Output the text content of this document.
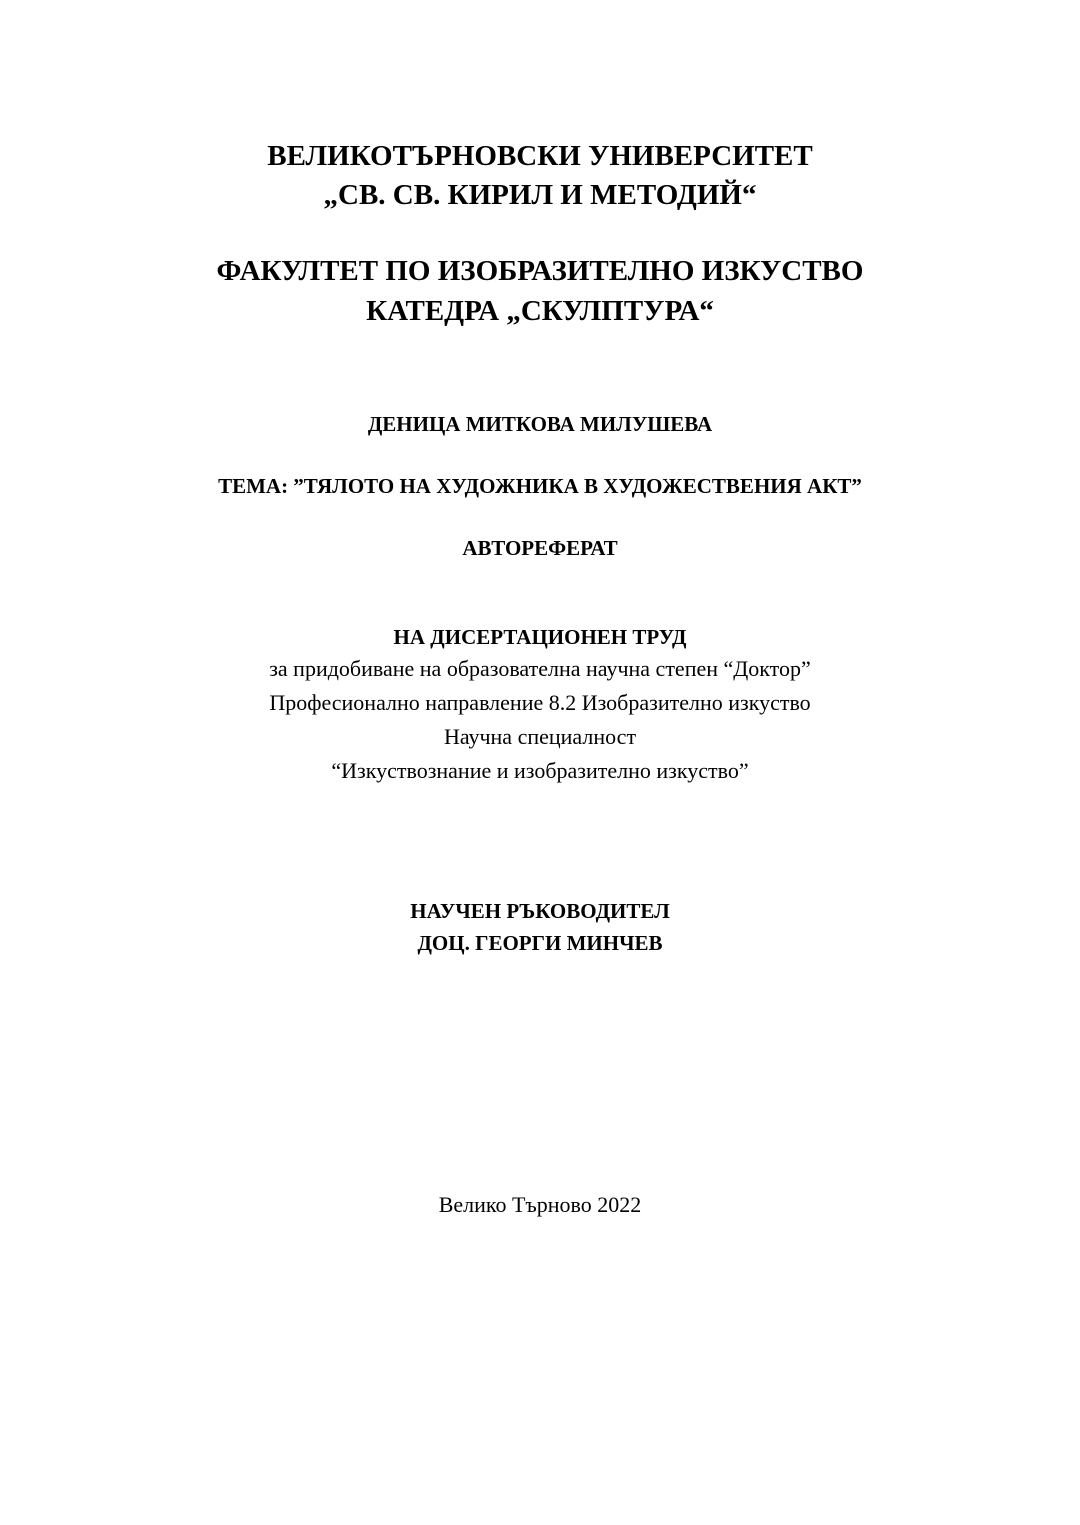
ВЕЛИКОТЪРНОВСКИ УНИВЕРСИТЕТ
„СВ. СВ. КИРИЛ И МЕТОДИЙ“
ФАКУЛТЕТ ПО ИЗОБРАЗИТЕЛНО ИЗКУСТВО
КАТЕДРА „СКУЛПТУРА“
ДЕНИЦА МИТКОВА МИЛУШЕВА
ТЕМА: ”ТЯЛОТО НА ХУДОЖНИКА В ХУДОЖЕСТВЕНИЯ АКТ”
АВТОРЕФЕРАТ
НА ДИСЕРТАЦИОНЕН ТРУД
за придобиване на образователна научна степен “Доктор”
Професионално направление 8.2 Изобразително изкуство
Научна специалност
“Изкуствознание и изобразително изкуство”
НАУЧЕН РЪКОВОДИТЕЛ
ДОЦ. ГЕОРГИ МИНЧЕВ
Велико Търново 2022
